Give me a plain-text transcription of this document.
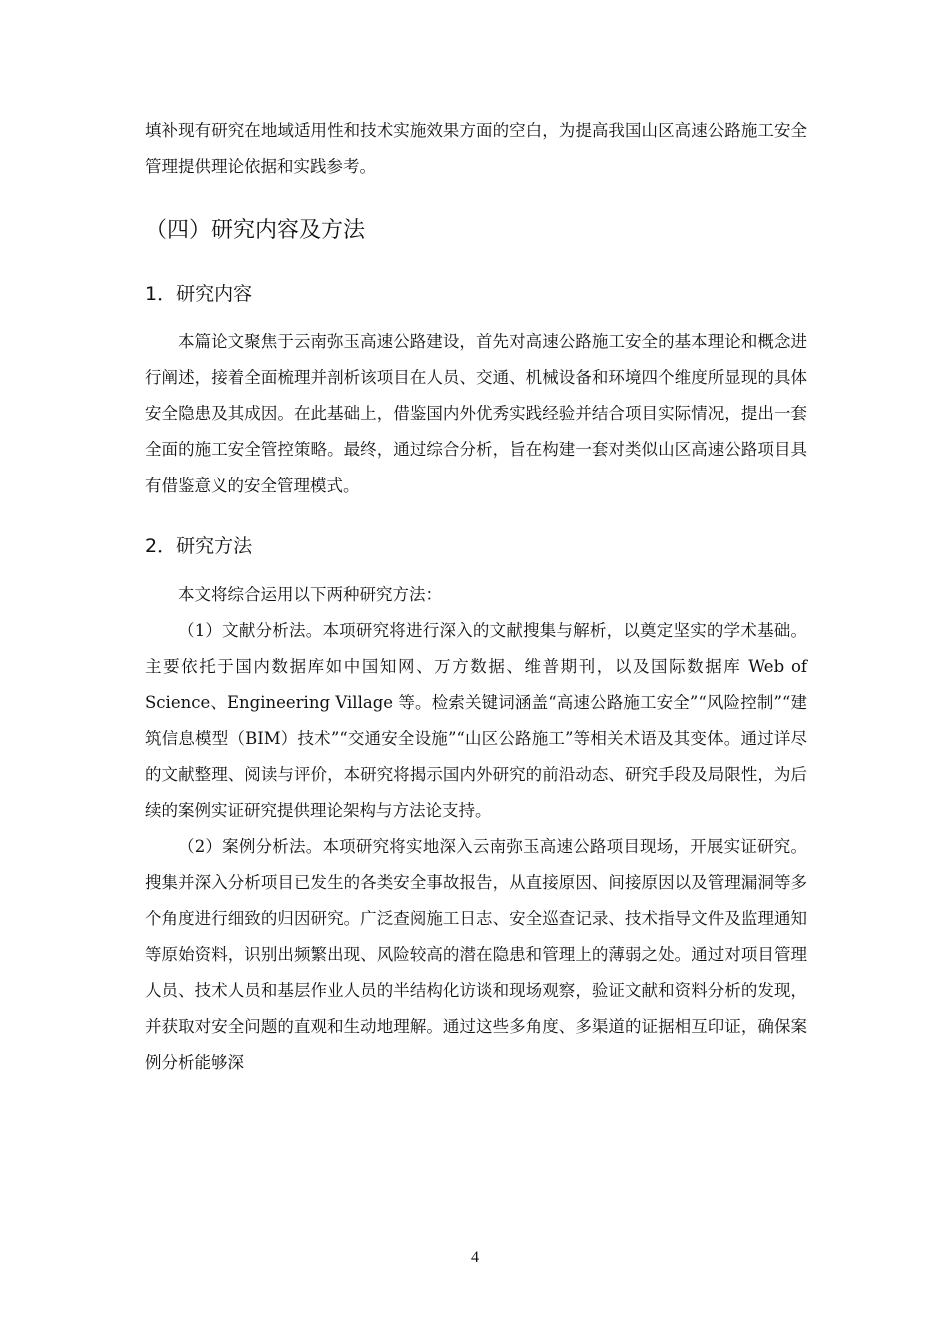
填补现有研究在地域适用性和技术实施效果方面的空白，为提高我国山区高速公路施工安全管理提供理论依据和实践参考。

（四）研究内容及方法
1．研究内容

本篇论文聚焦于云南弥玉高速公路建设，首先对高速公路施工安全的基本理论和概念进行阐述，接着全面梳理并剖析该项目在人员、交通、机械设备和环境四个维度所显现的具体安全隐患及其成因。在此基础上，借鉴国内外优秀实践经验并结合项目实际情况，提出一套全面的施工安全管控策略。最终，通过综合分析，旨在构建一套对类似山区高速公路项目具有借鉴意义的安全管理模式。

2．研究方法

本文将综合运用以下两种研究方法：

（1）文献分析法。本项研究将进行深入的文献搜集与解析，以奠定坚实的学术基础。主要依托于国内数据库如中国知网、万方数据、维普期刊，以及国际数据库 Web of Science、Engineering Village 等。检索关键词涵盖“高速公路施工安全”“风险控制”“建筑信息模型（BIM）技术”“交通安全设施”“山区公路施工”等相关术语及其变体。通过详尽的文献整理、阅读与评价，本研究将揭示国内外研究的前沿动态、研究手段及局限性，为后续的案例实证研究提供理论架构与方法论支持。

（2）案例分析法。本项研究将实地深入云南弥玉高速公路项目现场，开展实证研究。搜集并深入分析项目已发生的各类安全事故报告，从直接原因、间接原因以及管理漏洞等多个角度进行细致的归因研究。广泛查阅施工日志、安全巡查记录、技术指导文件及监理通知等原始资料，识别出频繁出现、风险较高的潜在隐患和管理上的薄弱之处。通过对项目管理人员、技术人员和基层作业人员的半结构化访谈和现场观察，验证文献和资料分析的发现，并获取对安全问题的直观和生动地理解。通过这些多角度、多渠道的证据相互印证，确保案例分析能够深

4
